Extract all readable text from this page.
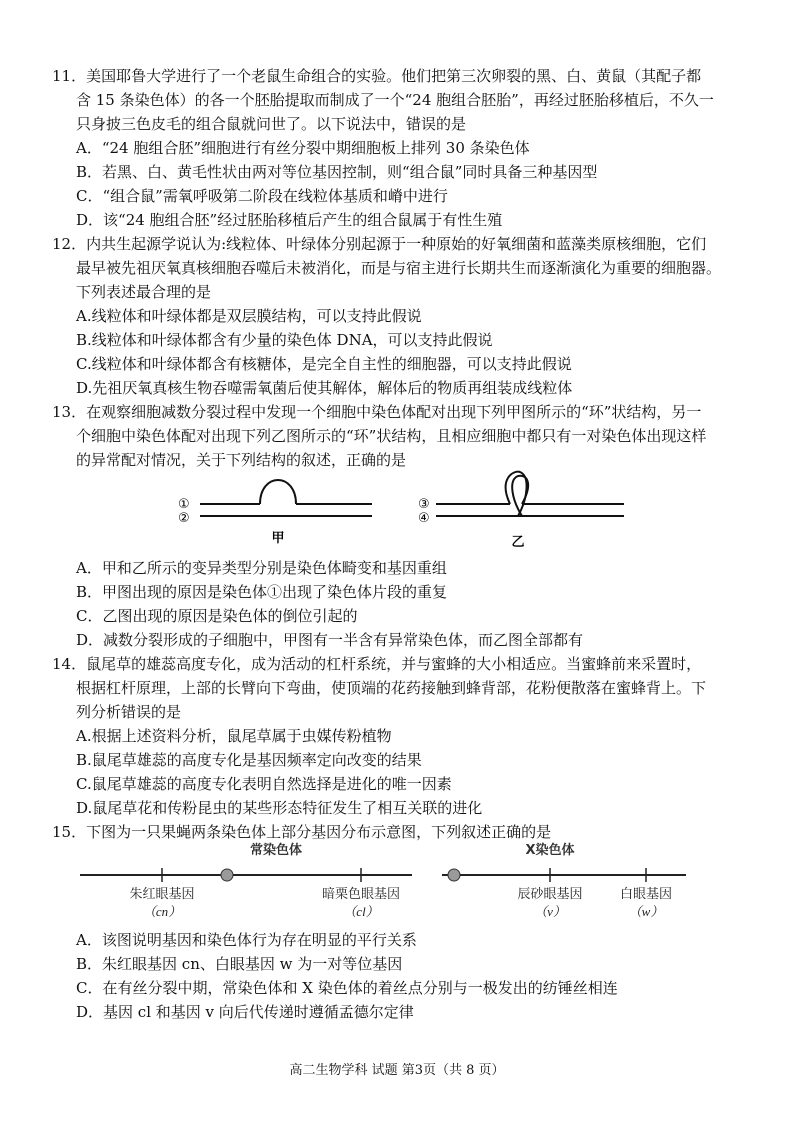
11．美国耶鲁大学进行了一个老鼠生命组合的实验。他们把第三次卵裂的黑、白、黄鼠（其配子都
含 15 条染色体）的各一个胚胎提取而制成了一个“24 胞组合胚胎”，再经过胚胎移植后，不久一
只身披三色皮毛的组合鼠就问世了。以下说法中，错误的是
A．“24 胞组合胚”细胞进行有丝分裂中期细胞板上排列 30 条染色体
B．若黑、白、黄毛性状由两对等位基因控制，则“组合鼠”同时具备三种基因型
C．“组合鼠”需氧呼吸第二阶段在线粒体基质和嵴中进行
D．该“24 胞组合胚”经过胚胎移植后产生的组合鼠属于有性生殖
12．内共生起源学说认为:线粒体、叶绿体分别起源于一种原始的好氧细菌和蓝藻类原核细胞，它们
最早被先祖厌氧真核细胞吞噬后未被消化，而是与宿主进行长期共生而逐渐演化为重要的细胞器。
下列表述最合理的是
A.线粒体和叶绿体都是双层膜结构，可以支持此假说
B.线粒体和叶绿体都含有少量的染色体 DNA，可以支持此假说
C.线粒体和叶绿体都含有核糖体，是完全自主性的细胞器，可以支持此假说
D.先祖厌氧真核生物吞噬需氧菌后使其解体，解体后的物质再组装成线粒体
13．在观察细胞减数分裂过程中发现一个细胞中染色体配对出现下列甲图所示的“环”状结构，另一
个细胞中染色体配对出现下列乙图所示的“环”状结构，且相应细胞中都只有一对染色体出现这样
的异常配对情况，关于下列结构的叙述，正确的是
①
②
甲
③
④
乙
A．甲和乙所示的变异类型分别是染色体畸变和基因重组
B．甲图出现的原因是染色体①出现了染色体片段的重复
C．乙图出现的原因是染色体的倒位引起的
D．减数分裂形成的子细胞中，甲图有一半含有异常染色体，而乙图全部都有
14．鼠尾草的雄蕊高度专化，成为活动的杠杆系统，并与蜜蜂的大小相适应。当蜜蜂前来采置时，
根据杠杆原理，上部的长臂向下弯曲，使顶端的花药接触到蜂背部，花粉便散落在蜜蜂背上。下
列分析错误的是
A.根据上述资料分析，鼠尾草属于虫媒传粉植物
B.鼠尾草雄蕊的高度专化是基因频率定向改变的结果
C.鼠尾草雄蕊的高度专化表明自然选择是进化的唯一因素
D.鼠尾草花和传粉昆虫的某些形态特征发生了相互关联的进化
15．下图为一只果蝇两条染色体上部分基因分布示意图，下列叙述正确的是
常染色体	X染色体
朱红眼基因
（cn）
暗栗色眼基因
（cl）
辰砂眼基因
（v）
白眼基因
（w）
A．该图说明基因和染色体行为存在明显的平行关系
B．朱红眼基因 cn、白眼基因 w 为一对等位基因
C．在有丝分裂中期，常染色体和 X 染色体的着丝点分别与一极发出的纺锤丝相连
D．基因 cl 和基因 v 向后代传递时遵循孟德尔定律
高二生物学科 试题 第3页（共 8 页）
